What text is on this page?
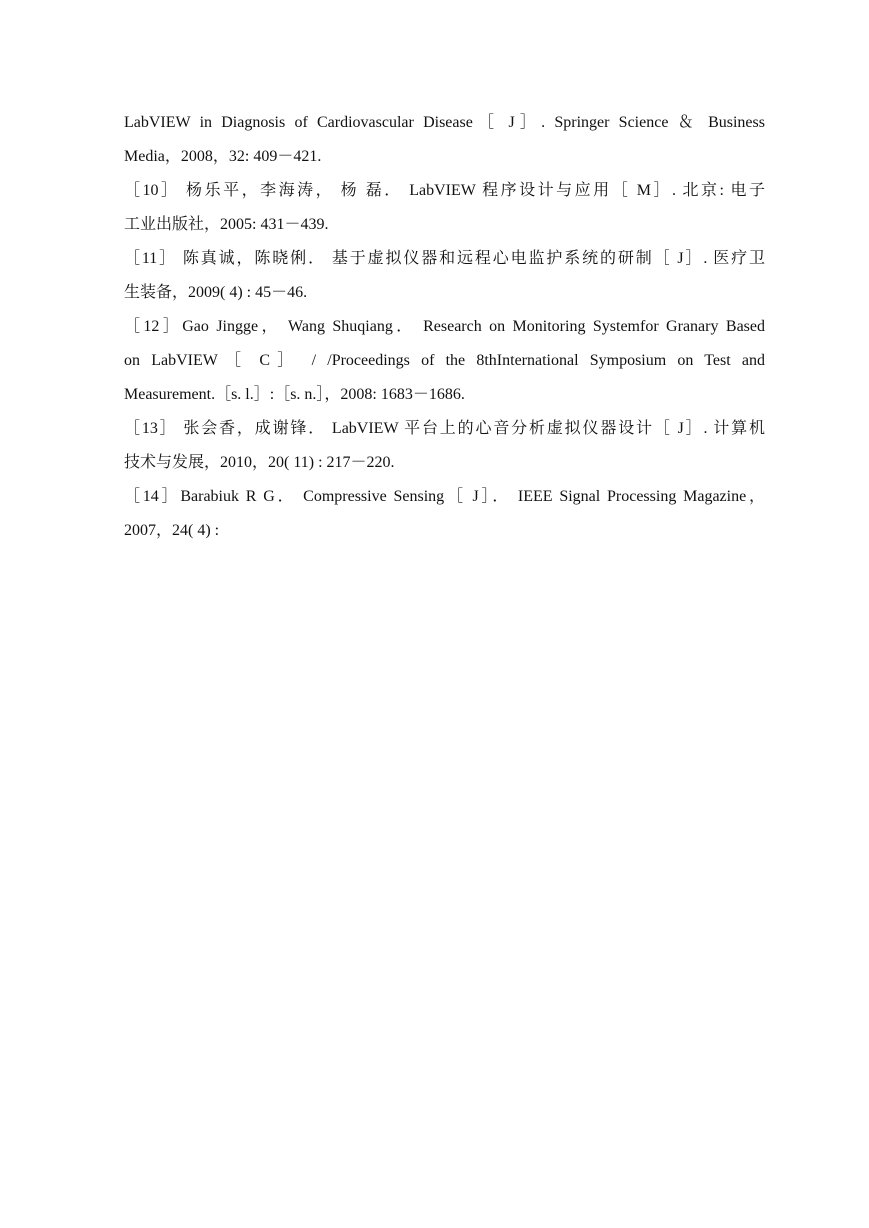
LabVIEW in Diagnosis of Cardiovascular Disease［ J］. Springer Science ＆ Business
Media，2008，32: 409－421.
［10］ 杨乐平，李海涛， 杨 磊． LabVIEW 程序设计与应用［ M］. 北京: 电子
工业出版社，2005: 431－439.
［11］ 陈真诚，陈晓俐． 基于虚拟仪器和远程心电监护系统的研制［ J］. 医疗卫
生装备，2009( 4) : 45－46.
［12］Gao Jingge， Wang Shuqiang． Research on Monitoring Systemfor Granary Based
on LabVIEW［ C］ / /Proceedings of the 8thInternational Symposium on Test and
Measurement.［s. l.］:［s. n.］，2008: 1683－1686.
［13］ 张会香，成谢锋． LabVIEW 平台上的心音分析虚拟仪器设计［ J］. 计算机
技术与发展，2010，20( 11) : 217－220.
［14］Barabiuk R G． Compressive Sensing［ J］． IEEE Signal Processing Magazine，
2007，24( 4) :
